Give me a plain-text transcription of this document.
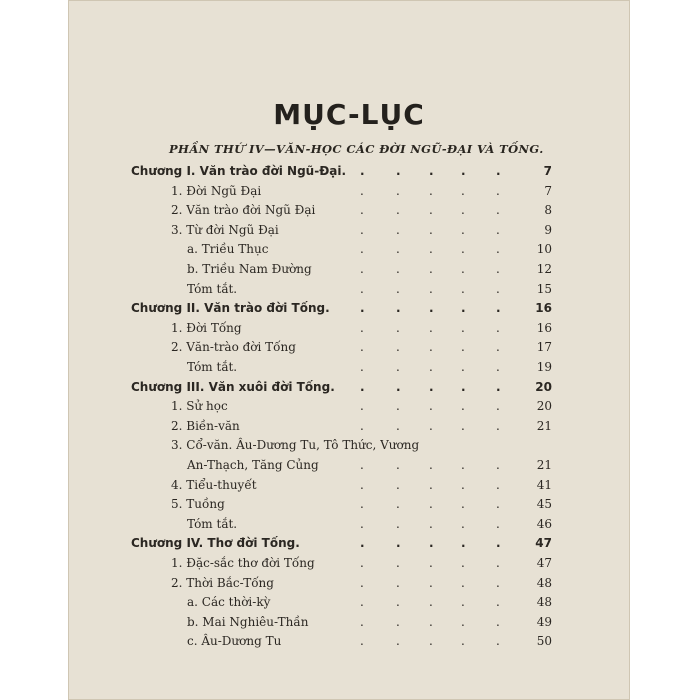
MỤC-LỤC
PHẦN THỨ IV—VĂN-HỌC CÁC ĐỜI NGŨ-ĐẠI VÀ TỐNG.
Chương I. Văn trào đời Ngũ-Đại. .	. . .	.	7
1. Đời Ngũ Đại	.	. . .	.	7
2. Văn trào đời Ngũ Đại	.	. . .	.	8
3. Từ đời Ngũ Đại	.	. . .	.	9
a. Triều Thục	.	. . .	.	10
b. Triều Nam Đường	.	. . .	.	12
Tóm tắt.	.	. . .	.	15
Chương II. Văn trào đời Tống.	.	. . .	.	16
1. Đời Tống	.	. . .	.	16
2. Văn-trào đời Tống	.	. . .	.	17
Tóm tắt.	.	. . .	.	19
Chương III. Văn xuôi đời Tống. .	. . .	.	20
1. Sử học	.	. . .	.	20
2. Biền-văn	.	. . .	.	21
3. Cổ-văn. Âu-Dương Tu, Tô Thức, Vương
An-Thạch, Tăng Củng	.	. . .	.	21
4. Tiểu-thuyết	.	. . .	.	41
5. Tuồng	.	. . .	.	45
Tóm tắt.	.	. . .	.	46
Chương IV. Thơ đời Tống.	.	. . .	.	47
1. Đặc-sắc thơ đời Tống	.	. . .	.	47
2. Thời Bắc-Tống	.	. . .	.	48
a. Các thời-kỳ	.	. . .	.	48
b. Mai Nghiêu-Thần	.	. . .	.	49
c. Âu-Dương Tu	.	. . .	.	50
